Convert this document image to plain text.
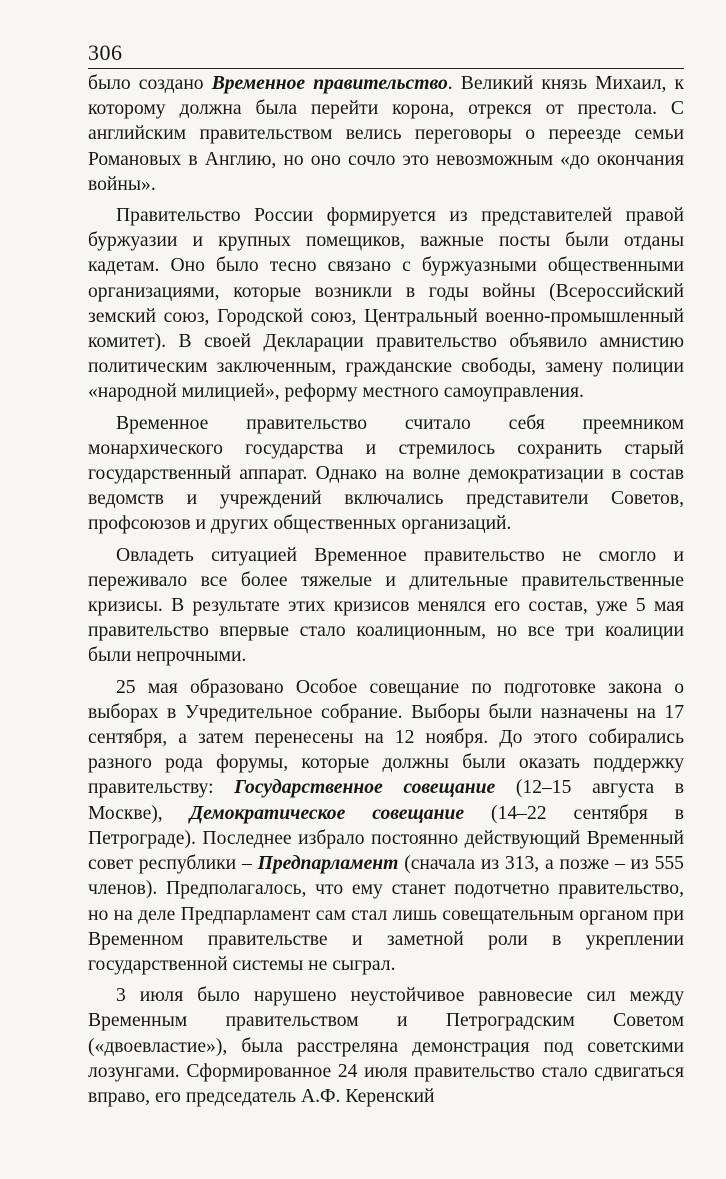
306

было создано Временное правительство. Великий князь Михаил, к которому должна была перейти корона, отрекся от престола. С английским правительством велись переговоры о переезде семьи Романовых в Англию, но оно сочло это невозможным «до окончания войны».

Правительство России формируется из представителей правой буржуазии и крупных помещиков, важные посты были отданы кадетам. Оно было тесно связано с буржуазными общественными организациями, которые возникли в годы войны (Всероссийский земский союз, Городской союз, Центральный военно-промышленный комитет). В своей Декларации правительство объявило амнистию политическим заключенным, гражданские свободы, замену полиции «народной милицией», реформу местного самоуправления.

Временное правительство считало себя преемником монархического государства и стремилось сохранить старый государственный аппарат. Однако на волне демократизации в состав ведомств и учреждений включались представители Советов, профсоюзов и других общественных организаций.

Овладеть ситуацией Временное правительство не смогло и переживало все более тяжелые и длительные правительственные кризисы. В результате этих кризисов менялся его состав, уже 5 мая правительство впервые стало коалиционным, но все три коалиции были непрочными.

25 мая образовано Особое совещание по подготовке закона о выборах в Учредительное собрание. Выборы были назначены на 17 сентября, а затем перенесены на 12 ноября. До этого собирались разного рода форумы, которые должны были оказать поддержку правительству: Государственное совещание (12–15 августа в Москве), Демократическое совещание (14–22 сентября в Петрограде). Последнее избрало постоянно действующий Временный совет республики – Предпарламент (сначала из 313, а позже – из 555 членов). Предполагалось, что ему станет подотчетно правительство, но на деле Предпарламент сам стал лишь совещательным органом при Временном правительстве и заметной роли в укреплении государственной системы не сыграл.

3 июля было нарушено неустойчивое равновесие сил между Временным правительством и Петроградским Советом («двоевластие»), была расстреляна демонстрация под советскими лозунгами. Сформированное 24 июля правительство стало сдвигаться вправо, его председатель А.Ф. Керенский
